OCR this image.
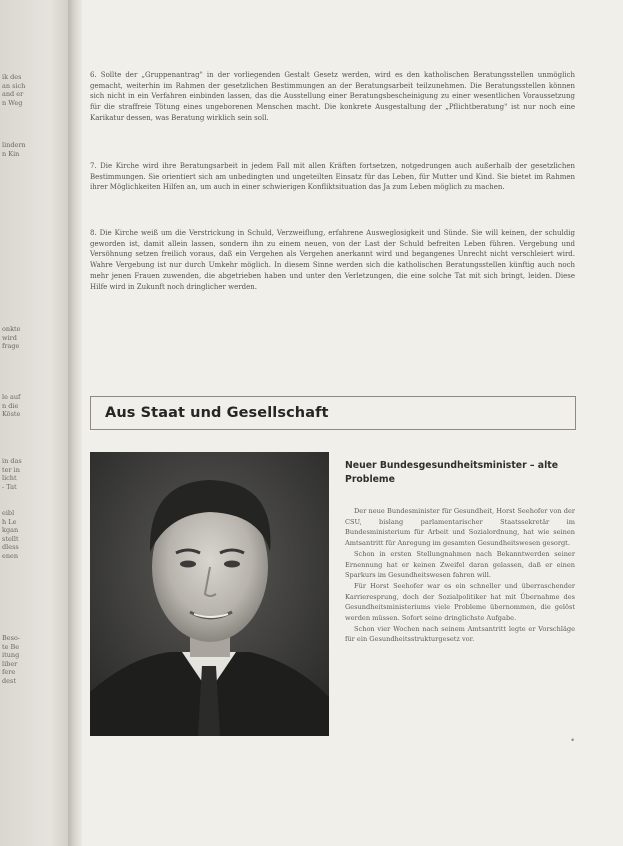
ik des
an sich
and er
n Weg
lindern
n Kin
onkte
wird
frage
le auf
n die
Köste
in das
ter in
licht
- Tat
eibl
h Le
kgan
stellt
dless
enen
Beso-
te Be
itung
liber
fere
dest
6. Sollte der „Gruppenantrag" in der vorliegenden Gestalt Gesetz werden, wird es den katholischen Beratungsstellen unmöglich gemacht, weiterhin im Rahmen der gesetzlichen Bestimmungen an der Beratungsarbeit teilzunehmen. Die Beratungsstellen können sich nicht in ein Verfahren einbinden lassen, das die Ausstellung einer Beratungsbescheinigung zu einer wesentlichen Voraussetzung für die straffreie Tötung eines ungeborenen Menschen macht. Die konkrete Ausgestaltung der „Pflichtberatung" ist nur noch eine Karikatur dessen, was Beratung wirklich sein soll.
7. Die Kirche wird ihre Beratungsarbeit in jedem Fall mit allen Kräften fortsetzen, notgedrungen auch außerhalb der gesetzlichen Bestimmungen. Sie orientiert sich am unbedingten und ungeteilten Einsatz für das Leben, für Mutter und Kind. Sie bietet im Rahmen ihrer Möglichkeiten Hilfen an, um auch in einer schwierigen Konfliktsituation das Ja zum Leben möglich zu machen.
8. Die Kirche weiß um die Verstrickung in Schuld, Verzweiflung, erfahrene Ausweglosigkeit und Sünde. Sie will keinen, der schuldig geworden ist, damit allein lassen, sondern ihn zu einem neuen, von der Last der Schuld befreiten Leben führen. Vergebung und Versöhnung setzen freilich voraus, daß ein Vergehen als Vergehen anerkannt wird und begangenes Unrecht nicht verschleiert wird. Wahre Vergebung ist nur durch Umkehr möglich. In diesem Sinne werden sich die katholischen Beratungsstellen künftig auch noch mehr jenen Frauen zuwenden, die abgetrieben haben und unter den Verletzungen, die eine solche Tat mit sich bringt, leiden. Diese Hilfe wird in Zukunft noch dringlicher werden.
Aus Staat und Gesellschaft
Neuer Bundesgesundheitsminister – alte Probleme

Der neue Bundesminister für Gesundheit, Horst Seehofer von der CSU, bislang parlamentarischer Staatssekretär im Bundesministerium für Arbeit und Sozialordnung, hat wie seinen Amtsantritt für Anregung im gesamten Gesundheitswesen gesorgt.

Schon in ersten Stellungnahmen nach Bekanntwerden seiner Ernennung hat er keinen Zweifel daran gelassen, daß er einen Sparkurs im Gesundheitswesen fahren will.

Für Horst Seehofer war es ein schneller und überraschender Karrieresprung, doch der Sozialpolitiker hat mit Übernahme des Gesundheitsministeriums viele Probleme übernommen, die gelöst werden müssen. Sofort seine dringlichste Aufgabe.

Schon vier Wochen nach seinem Amtsantritt legte er Vorschläge für ein Gesundheitsstrukturgesetz vor.

•
